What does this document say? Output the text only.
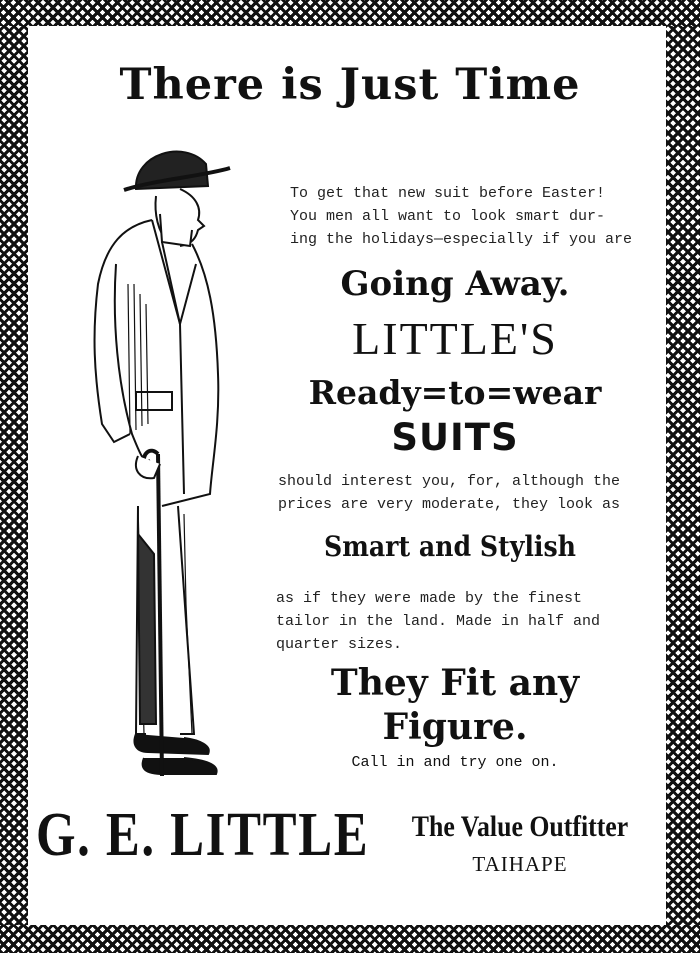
There is Just Time
To get that new suit before Easter!
You men all want to look smart dur-
ing the holidays—especially if you are
Going Away.
LITTLE'S
Ready=to=wear
SUITS
should interest you, for, although the
prices are very moderate, they look as
Smart and Stylish
as if they were made by the finest
tailor in the land. Made in half and
quarter sizes.
They Fit any
Figure.
Call in and try one on.
G. E. LITTLE The Value Outfitter
TAIHAPE
